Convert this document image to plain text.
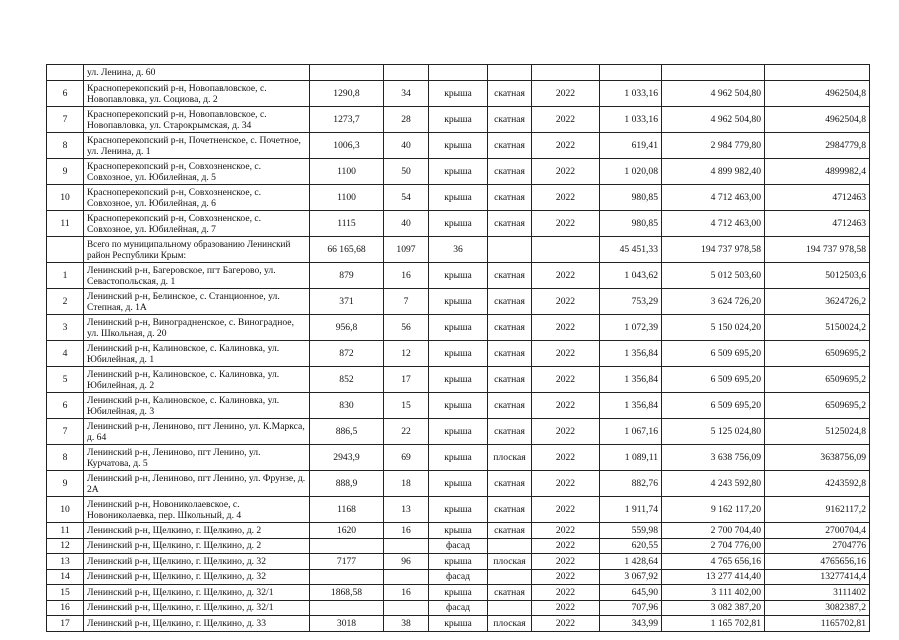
	ул. Ленина, д. 60								
6	Красноперекопский р-н, Новопавловское, с. Новопавловка, ул. Социова, д. 2	1290,8	34	крыша	скатная	2022	1 033,16	4 962 504,80	4962504,8
7	Красноперекопский р-н, Новопавловское, с. Новопавловка, ул. Старокрымская, д. 34	1273,7	28	крыша	скатная	2022	1 033,16	4 962 504,80	4962504,8
8	Красноперекопский р-н, Почетненское, с. Почетное, ул. Ленина, д. 1	1006,3	40	крыша	скатная	2022	619,41	2 984 779,80	2984779,8
9	Красноперекопский р-н, Совхозненское, с. Совхозное, ул. Юбилейная, д. 5	1100	50	крыша	скатная	2022	1 020,08	4 899 982,40	4899982,4
10	Красноперекопский р-н, Совхозненское, с. Совхозное, ул. Юбилейная, д. 6	1100	54	крыша	скатная	2022	980,85	4 712 463,00	4712463
11	Красноперекопский р-н, Совхозненское, с. Совхозное, ул. Юбилейная, д. 7	1115	40	крыша	скатная	2022	980,85	4 712 463,00	4712463
	Всего по муниципальному образованию Ленинский район Республики Крым:	66 165,68	1097	36			45 451,33	194 737 978,58	194 737 978,58
1	Ленинский р-н, Багеровское, пгт Багерово, ул. Севастопольская, д. 1	879	16	крыша	скатная	2022	1 043,62	5 012 503,60	5012503,6
2	Ленинский р-н, Белинское, с. Станционное, ул. Степная, д. 1А	371	7	крыша	скатная	2022	753,29	3 624 726,20	3624726,2
3	Ленинский р-н, Виноградненское, с. Виноградное, ул. Школьная, д. 20	956,8	56	крыша	скатная	2022	1 072,39	5 150 024,20	5150024,2
4	Ленинский р-н, Калиновское, с. Калиновка, ул. Юбилейная, д. 1	872	12	крыша	скатная	2022	1 356,84	6 509 695,20	6509695,2
5	Ленинский р-н, Калиновское, с. Калиновка, ул. Юбилейная, д. 2	852	17	крыша	скатная	2022	1 356,84	6 509 695,20	6509695,2
6	Ленинский р-н, Калиновское, с. Калиновка, ул. Юбилейная, д. 3	830	15	крыша	скатная	2022	1 356,84	6 509 695,20	6509695,2
7	Ленинский р-н, Лениново, пгт Ленино, ул. К.Маркса, д. 64	886,5	22	крыша	скатная	2022	1 067,16	5 125 024,80	5125024,8
8	Ленинский р-н, Лениново, пгт Ленино, ул. Курчатова, д. 5	2943,9	69	крыша	плоская	2022	1 089,11	3 638 756,09	3638756,09
9	Ленинский р-н, Лениново, пгт Ленино, ул. Фрунзе, д. 2А	888,9	18	крыша	скатная	2022	882,76	4 243 592,80	4243592,8
10	Ленинский р-н, Новониколаевское, с. Новониколаевка, пер. Школьный, д. 4	1168	13	крыша	скатная	2022	1 911,74	9 162 117,20	9162117,2
11	Ленинский р-н, Щелкино, г. Щелкино, д. 2	1620	16	крыша	скатная	2022	559,98	2 700 704,40	2700704,4
12	Ленинский р-н, Щелкино, г. Щелкино, д. 2			фасад		2022	620,55	2 704 776,00	2704776
13	Ленинский р-н, Щелкино, г. Щелкино, д. 32	7177	96	крыша	плоская	2022	1 428,64	4 765 656,16	4765656,16
14	Ленинский р-н, Щелкино, г. Щелкино, д. 32			фасад		2022	3 067,92	13 277 414,40	13277414,4
15	Ленинский р-н, Щелкино, г. Щелкино, д. 32/1	1868,58	16	крыша	скатная	2022	645,90	3 111 402,00	3111402
16	Ленинский р-н, Щелкино, г. Щелкино, д. 32/1			фасад		2022	707,96	3 082 387,20	3082387,2
17	Ленинский р-н, Щелкино, г. Щелкино, д. 33	3018	38	крыша	плоская	2022	343,99	1 165 702,81	1165702,81
